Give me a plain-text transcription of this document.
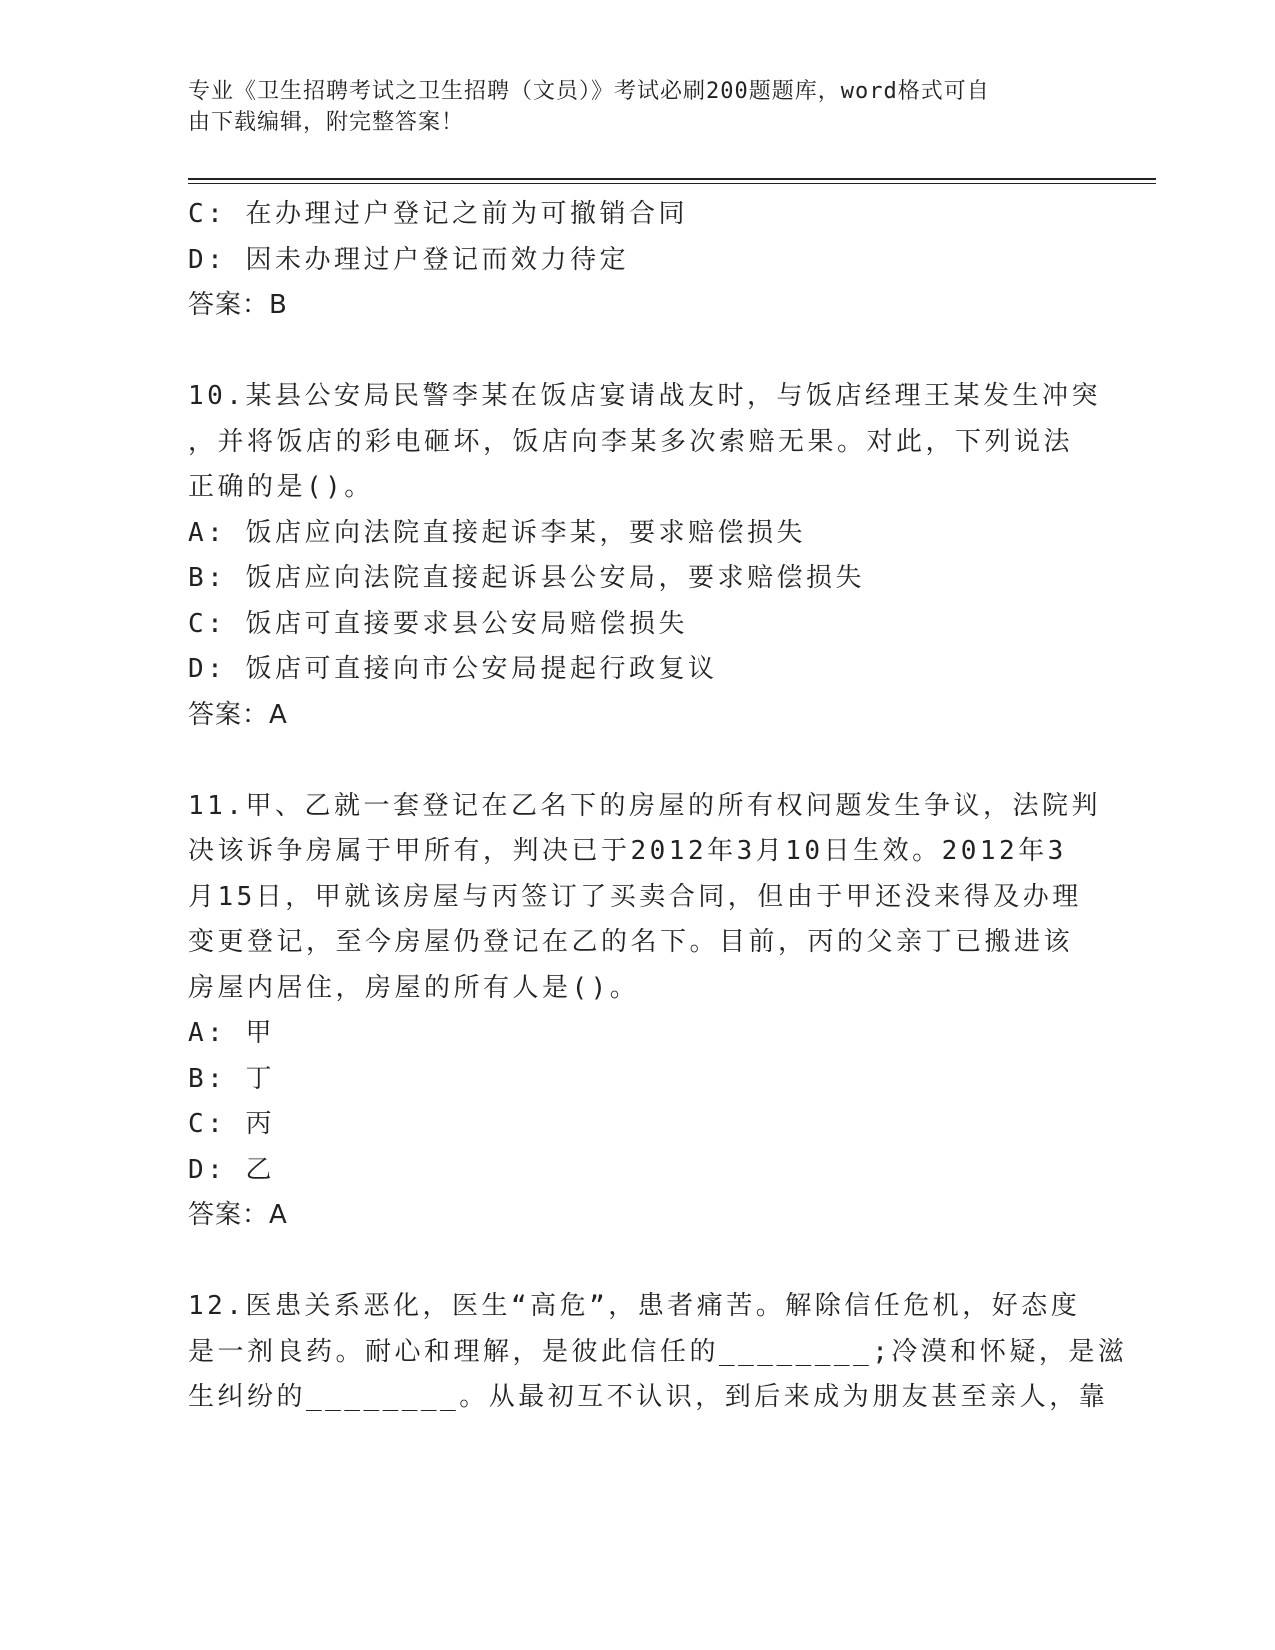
专业《卫生招聘考试之卫生招聘（文员）》考试必刷200题题库，word格式可自
由下载编辑，附完整答案！
C: 在办理过户登记之前为可撤销合同
D: 因未办理过户登记而效力待定
答案：B
10.某县公安局民警李某在饭店宴请战友时，与饭店经理王某发生冲突
，并将饭店的彩电砸坏，饭店向李某多次索赔无果。对此，下列说法
正确的是()。
A: 饭店应向法院直接起诉李某，要求赔偿损失
B: 饭店应向法院直接起诉县公安局，要求赔偿损失
C: 饭店可直接要求县公安局赔偿损失
D: 饭店可直接向市公安局提起行政复议
答案：A
11.甲、乙就一套登记在乙名下的房屋的所有权问题发生争议，法院判
决该诉争房属于甲所有，判决已于2012年3月10日生效。2012年3
月15日，甲就该房屋与丙签订了买卖合同，但由于甲还没来得及办理
变更登记，至今房屋仍登记在乙的名下。目前，丙的父亲丁已搬进该
房屋内居住，房屋的所有人是()。
A: 甲
B: 丁
C: 丙
D: 乙
答案：A
12.医患关系恶化，医生“高危”，患者痛苦。解除信任危机，好态度
是一剂良药。耐心和理解，是彼此信任的________;冷漠和怀疑，是滋
生纠纷的________。从最初互不认识，到后来成为朋友甚至亲人，靠
